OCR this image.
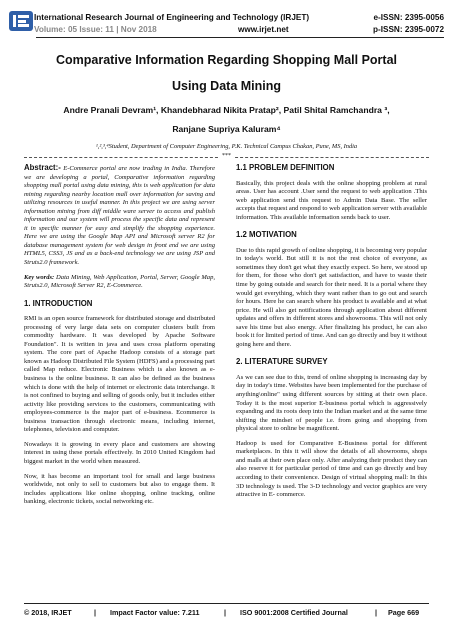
International Research Journal of Engineering and Technology (IRJET)
Volume: 05 Issue: 11 | Nov 2018	www.irjet.net
e-ISSN: 2395-0056
p-ISSN: 2395-0072
Comparative Information Regarding Shopping Mall Portal
Using Data Mining
Andre Pranali Devram¹, Khandebharad Nikita Pratap², Patil Shital Ramchandra ³,
Ranjane Supriya Kaluram⁴
¹,²,³,⁴Student, Department of Computer Engineering, P.K. Technical Campus Chakan, Pune, MS, India
***

Abstract:- E-Commerce portal are now trading in India. Therefore we are developing a portal, Comparative information regarding shopping mall portal using data mining, this is web application for data mining regarding nearby location mall over information for saving and utilizing resources in useful manner. In this project we are using server information mining from diff middle ware server to access and publish information and our system will process the specific data and represent it in specific manner for easy and simplify the shopping experience. Here we are using the Google Map API and Microsoft server R2 for database management system for web design in front end we are using HTML5, CSS3, JS and as a back-end technology we are using JSP and Struts2.0 framework.

Key words: Data Mining, Web Application, Portal, Server, Google Map, Struts2.0, Microsoft Server R2, E-Commerce.

1. INTRODUCTION

RMI is an open source framework for distributed storage and distributed processing of very large data sets on computer clusters built from commodity hardware. It was developed by Apache Software Foundation". It is written in java and uses cross platform operating system. The core part of Apache Hadoop consists of a storage part known as Hadoop Distributed File System (HDFS) and a processing part called Map reduce. Electronic Business which is also known as e-business is the online business. It can also be defined as the business which is done with the help of internet or electronic data interchange. It is not confined to buying and selling of goods only, but it includes either activity like providing services to the customers, communicating with employees-commerce is the major part of e-business. Ecommerce is business transaction through electronic means, including internet, telephones, television and computer.

Nowadays it is growing in every place and customers are showing interest in using these portals effectively. In 2010 United Kingdom had biggest market in the world when measured.

Now, it has become an important tool for small and large business worldwide, not only to sell to customers but also to engage them. It includes applications like online shopping, online tracking, online banking, electronic tickets, social networking etc.

1.1 PROBLEM DEFINITION

Basically, this project deals with the online shopping problem at rural areas. User has account .User send the request to web application .This web application send this request to Admin Data Base. The seller accepts that request and respond to web application server with available information. This available information sends back to user.

1.2 MOTIVATION

Due to this rapid growth of online shopping, it is becoming very popular in today's world. But still it is not the rest choice of everyone, as sometimes they don't get what they exactly expect. So here, we stood up for them, for those who don't get satisfaction, and have to waste their time by going outside and search for their need. It is a portal where they would get everything, which they want rather than to go out and search for hours. Here he can search where his product is available and at what price. He will also get notifications through application about different updates and offers in different stores and showrooms. This will not only save his time but also energy. After finalizing his product, he can also book it for limited period of time. And can go directly and buy it without going here and there.

2. LITERATURE SURVEY

As we can see due to this, trend of online shopping is increasing day by day in today's time. Websites have been implemented for the purchase of anything\online" using different sources by sitting at their own place. Today it is the most superior E-business portal which is aggressively expanding and its roots deep into the Indian market and at the same time shifting the mindset of people i.e. from going and shopping from physical store to online be magnificent.

Hadoop is used for Comparative E-Business portal for different marketplaces. In this it will show the details of all showrooms, shops and malls at their own place only. After analyzing their product they can also reserve it for particular period of time and can go directly and buy according to their convenience. Design of virtual shopping mall: In this 3D technology is used. The 3-D technology and vector graphics are very attractive in E- commerce.

© 2018, IRJET	| Impact Factor value: 7.211	| ISO 9001:2008 Certified Journal	| Page 669
